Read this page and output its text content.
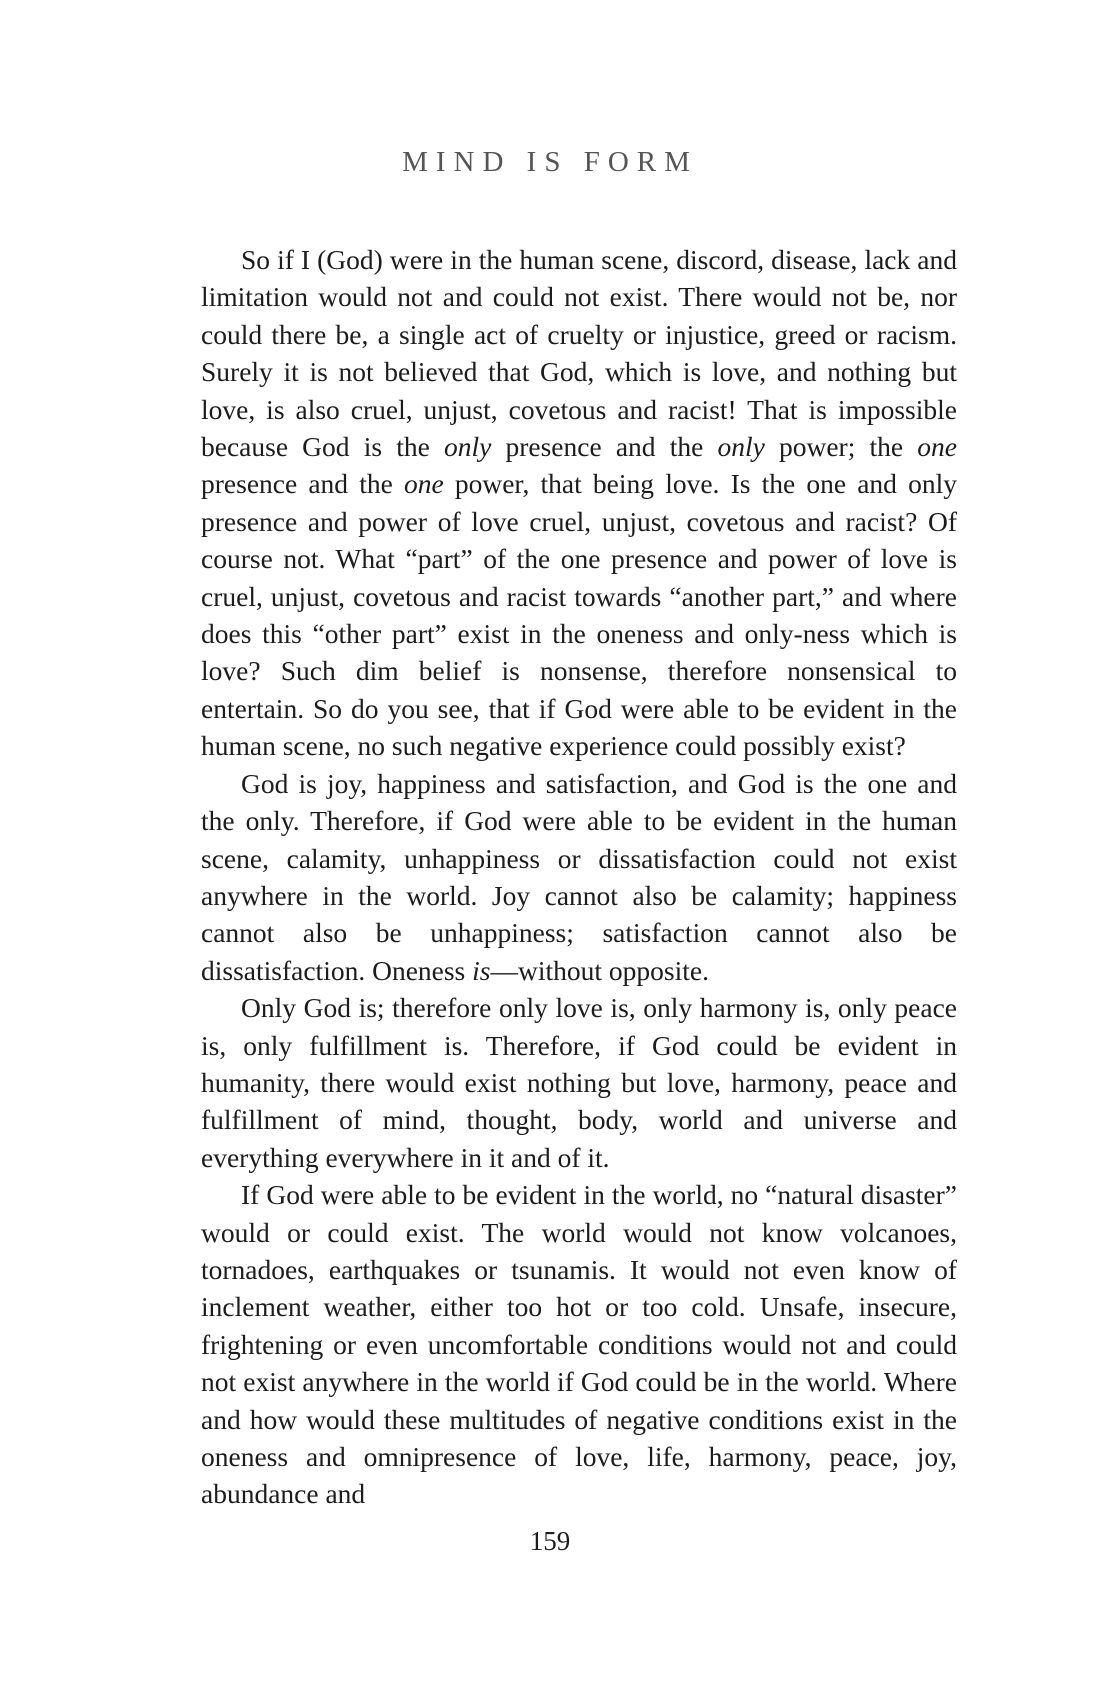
MIND IS FORM

So if I (God) were in the human scene, discord, disease, lack and limitation would not and could not exist. There would not be, nor could there be, a single act of cruelty or injustice, greed or racism. Surely it is not believed that God, which is love, and nothing but love, is also cruel, unjust, covetous and racist! That is impossible because God is the only presence and the only power; the one presence and the one power, that being love. Is the one and only presence and power of love cruel, unjust, covetous and racist? Of course not. What “part” of the one presence and power of love is cruel, unjust, covetous and racist towards “another part,” and where does this “other part” exist in the oneness and only-ness which is love? Such dim belief is nonsense, therefore nonsensical to entertain. So do you see, that if God were able to be evident in the human scene, no such negative experience could possibly exist?

God is joy, happiness and satisfaction, and God is the one and the only. Therefore, if God were able to be evident in the human scene, calamity, unhappiness or dissatisfaction could not exist anywhere in the world. Joy cannot also be calamity; happiness cannot also be unhappiness; satisfaction cannot also be dissatisfaction. Oneness is—without opposite.

Only God is; therefore only love is, only harmony is, only peace is, only fulfillment is. Therefore, if God could be evident in humanity, there would exist nothing but love, harmony, peace and fulfillment of mind, thought, body, world and universe and everything everywhere in it and of it.

If God were able to be evident in the world, no “natural disaster” would or could exist. The world would not know volcanoes, tornadoes, earthquakes or tsunamis. It would not even know of inclement weather, either too hot or too cold. Unsafe, insecure, frightening or even uncomfortable conditions would not and could not exist anywhere in the world if God could be in the world. Where and how would these multitudes of negative conditions exist in the oneness and omnipresence of love, life, harmony, peace, joy, abundance and

159
